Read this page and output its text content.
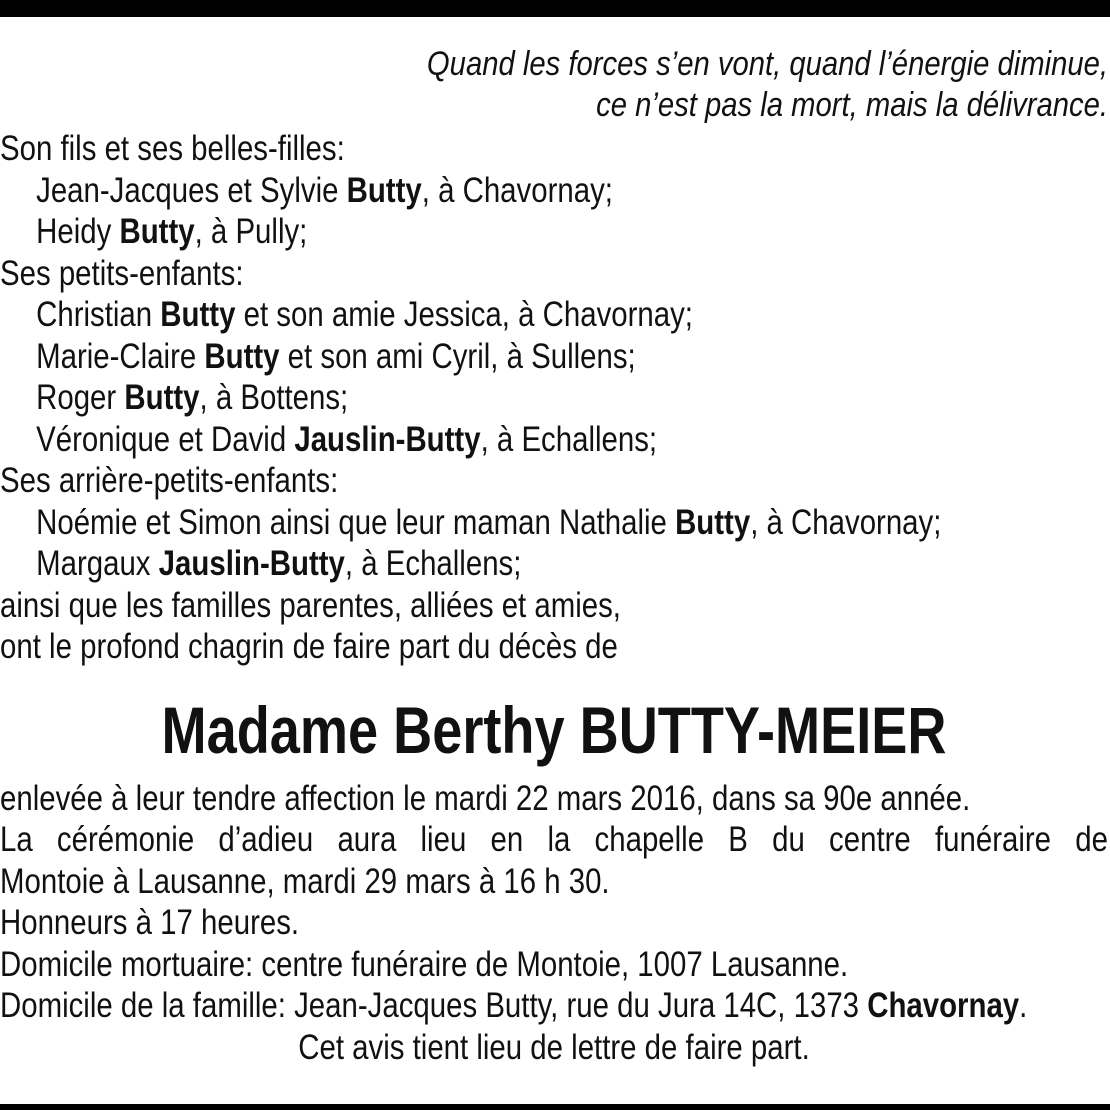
Quand les forces s’en vont, quand l’énergie diminue,
ce n’est pas la mort, mais la délivrance.
Son fils et ses belles-filles:
Jean-Jacques et Sylvie Butty, à Chavornay;
Heidy Butty, à Pully;
Ses petits-enfants:
Christian Butty et son amie Jessica, à Chavornay;
Marie-Claire Butty et son ami Cyril, à Sullens;
Roger Butty, à Bottens;
Véronique et David Jauslin-Butty, à Echallens;
Ses arrière-petits-enfants:
Noémie et Simon ainsi que leur maman Nathalie Butty, à Chavornay;
Margaux Jauslin-Butty, à Echallens;
ainsi que les familles parentes, alliées et amies,
ont le profond chagrin de faire part du décès de
Madame Berthy BUTTY-MEIER
enlevée à leur tendre affection le mardi 22 mars 2016, dans sa 90e année.
La cérémonie d’adieu aura lieu en la chapelle B du centre funéraire de
Montoie à Lausanne, mardi 29 mars à 16 h 30.
Honneurs à 17 heures.
Domicile mortuaire: centre funéraire de Montoie, 1007 Lausanne.
Domicile de la famille: Jean-Jacques Butty, rue du Jura 14C, 1373 Chavornay.
Cet avis tient lieu de lettre de faire part.
